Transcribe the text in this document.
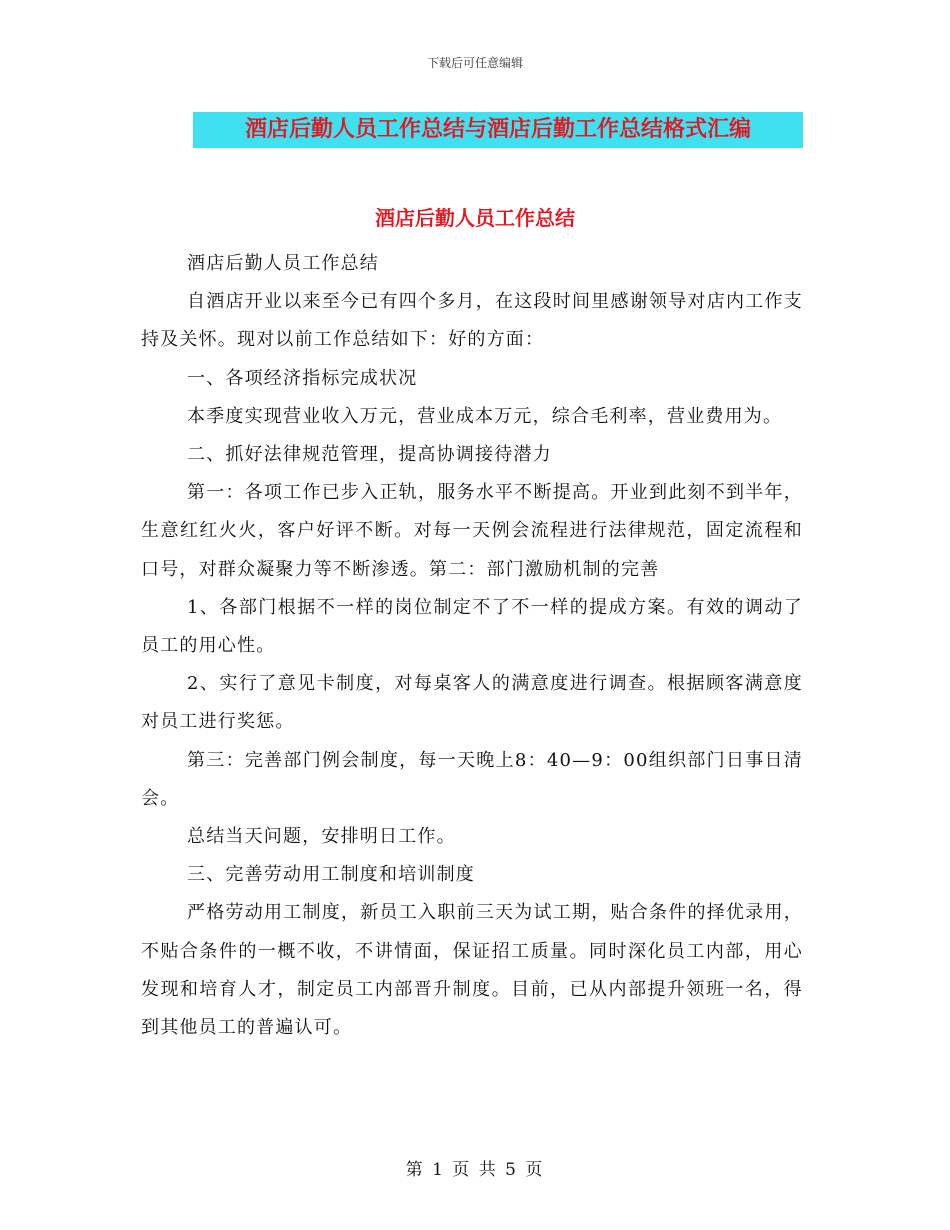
下载后可任意编辑
酒店后勤人员工作总结与酒店后勤工作总结格式汇编
酒店后勤人员工作总结

酒店后勤人员工作总结

自酒店开业以来至今已有四个多月，在这段时间里感谢领导对店内工作支持及关怀。现对以前工作总结如下：好的方面：

一、各项经济指标完成状况

本季度实现营业收入万元，营业成本万元，综合毛利率，营业费用为。

二、抓好法律规范管理，提高协调接待潜力

第一：各项工作已步入正轨，服务水平不断提高。开业到此刻不到半年，生意红红火火，客户好评不断。对每一天例会流程进行法律规范，固定流程和口号，对群众凝聚力等不断渗透。第二：部门激励机制的完善

1、各部门根据不一样的岗位制定不了不一样的提成方案。有效的调动了员工的用心性。

2、实行了意见卡制度，对每桌客人的满意度进行调查。根据顾客满意度对员工进行奖惩。

第三：完善部门例会制度，每一天晚上8：40—9：00组织部门日事日清会。

总结当天问题，安排明日工作。

三、完善劳动用工制度和培训制度

严格劳动用工制度，新员工入职前三天为试工期，贴合条件的择优录用，不贴合条件的一概不收，不讲情面，保证招工质量。同时深化员工内部，用心发现和培育人才，制定员工内部晋升制度。目前，已从内部提升领班一名，得到其他员工的普遍认可。

第 1 页 共 5 页
